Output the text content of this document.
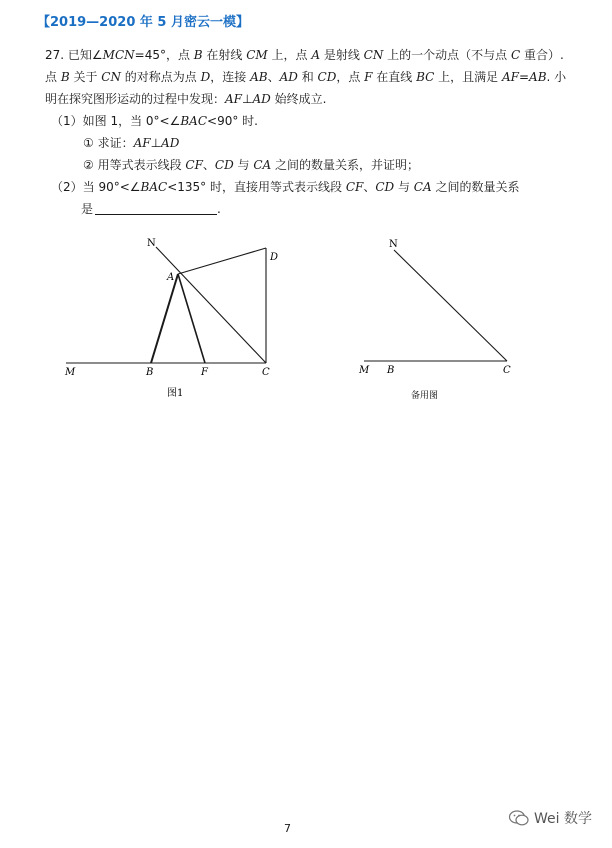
【2019—2020 年 5 月密云一模】
27. 已知∠MCN=45°，点 B 在射线 CM 上，点 A 是射线 CN 上的一个动点（不与点 C 重合）.
点 B 关于 CN 的对称点为点 D，连接 AB、AD 和 CD，点 F 在直线 BC 上，且满足 AF=AB. 小
明在探究图形运动的过程中发现：AF⊥AD 始终成立.
（1）如图 1，当 0°<∠BAC<90° 时.
① 求证：AF⊥AD
② 用等式表示线段 CF、CD 与 CA 之间的数量关系，并证明；
（2）当 90°<∠BAC<135° 时，直接用等式表示线段 CF、CD 与 CA 之间的数量关系
是	.
N
A
D
M	B	F	C
图1
N
M B	C
备用图
7
Wei 数学
